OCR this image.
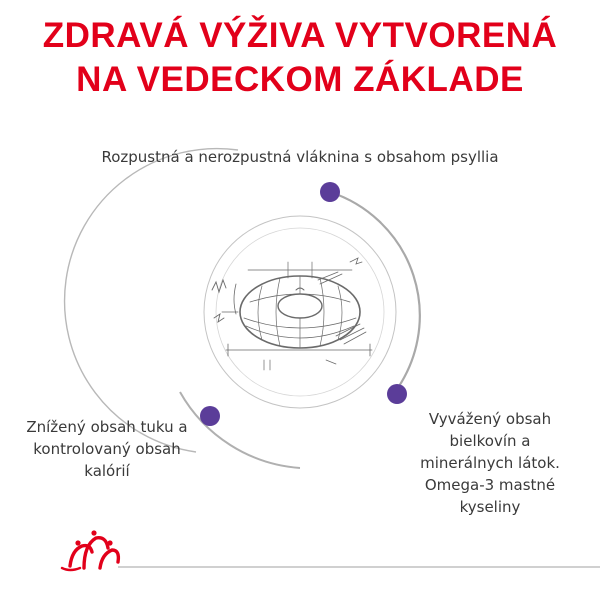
ZDRAVÁ VÝŽIVA VYTVORENÁ
NA VEDECKOM ZÁKLADE
Rozpustná a nerozpustná vláknina s obsahom psyllia
Znížený obsah tuku a
kontrolovaný obsah
kalórií
Vyvážený obsah
bielkovín a
minerálnych látok.
Omega-3 mastné
kyseliny
